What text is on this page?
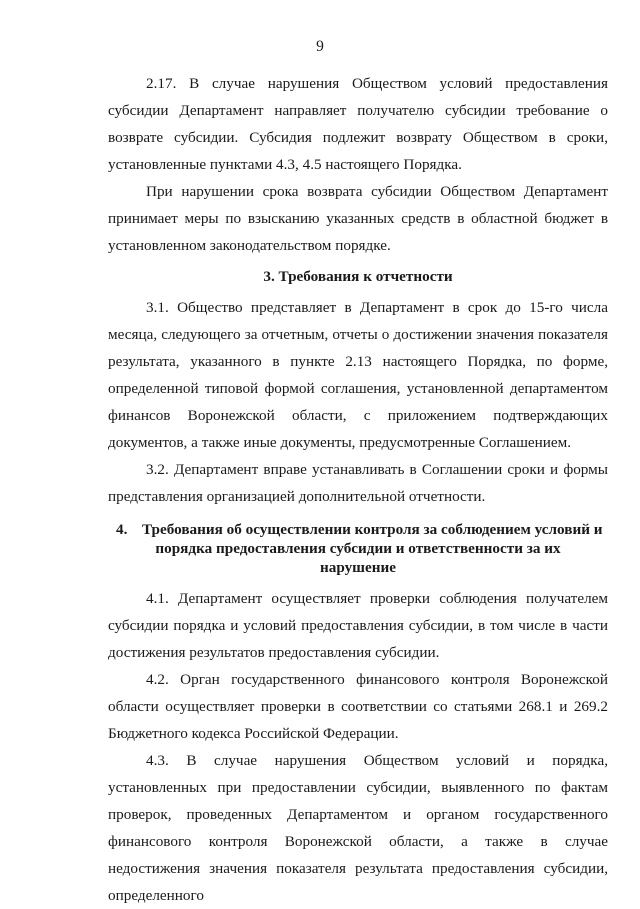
9

2.17. В случае нарушения Обществом условий предоставления субсидии Департамент направляет получателю субсидии требование о возврате субсидии. Субсидия подлежит возврату Обществом в сроки, установленные пунктами 4.3, 4.5 настоящего Порядка.

При нарушении срока возврата субсидии Обществом Департамент принимает меры по взысканию указанных средств в областной бюджет в установленном законодательством порядке.

3. Требования к отчетности

3.1. Общество представляет в Департамент в срок до 15-го числа месяца, следующего за отчетным, отчеты о достижении значения показателя результата, указанного в пункте 2.13 настоящего Порядка, по форме, определенной типовой формой соглашения, установленной департаментом финансов Воронежской области, с приложением подтверждающих документов, а также иные документы, предусмотренные Соглашением.

3.2. Департамент вправе устанавливать в Соглашении сроки и формы представления организацией дополнительной отчетности.

4. Требования об осуществлении контроля за соблюдением условий и
порядка предоставления субсидии и ответственности за их
нарушение

4.1. Департамент осуществляет проверки соблюдения получателем субсидии порядка и условий предоставления субсидии, в том числе в части достижения результатов предоставления субсидии.

4.2. Орган государственного финансового контроля Воронежской области осуществляет проверки в соответствии со статьями 268.1 и 269.2 Бюджетного кодекса Российской Федерации.

4.3. В случае нарушения Обществом условий и порядка, установленных при предоставлении субсидии, выявленного по фактам проверок, проведенных Департаментом и органом государственного финансового контроля Воронежской области, а также в случае недостижения значения показателя результата предоставления субсидии, определенного
